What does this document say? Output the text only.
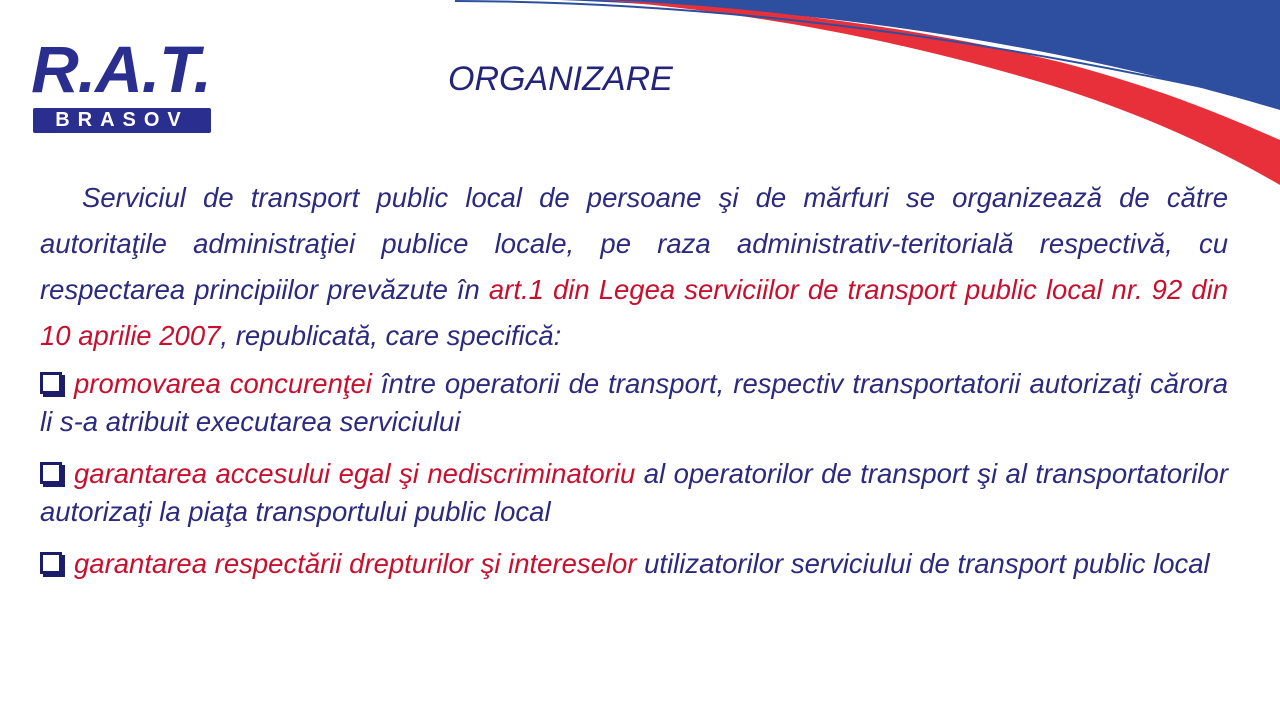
R.A.T.
BRASOV
ORGANIZARE

Serviciul de transport public local de persoane şi de mărfuri se organizează de către autoritaţile administraţiei publice locale, pe raza administrativ-teritorială respectivă, cu respectarea principiilor prevăzute în art.1 din Legea serviciilor de transport public local nr. 92 din 10 aprilie 2007, republicată, care specifică:

promovarea concurenţei între operatorii de transport, respectiv transportatorii autorizaţi cărora li s-a atribuit executarea serviciului

garantarea accesului egal şi nediscriminatoriu al operatorilor de transport şi al transportatorilor autorizaţi la piaţa transportului public local

garantarea respectării drepturilor şi intereselor utilizatorilor serviciului de transport public local
